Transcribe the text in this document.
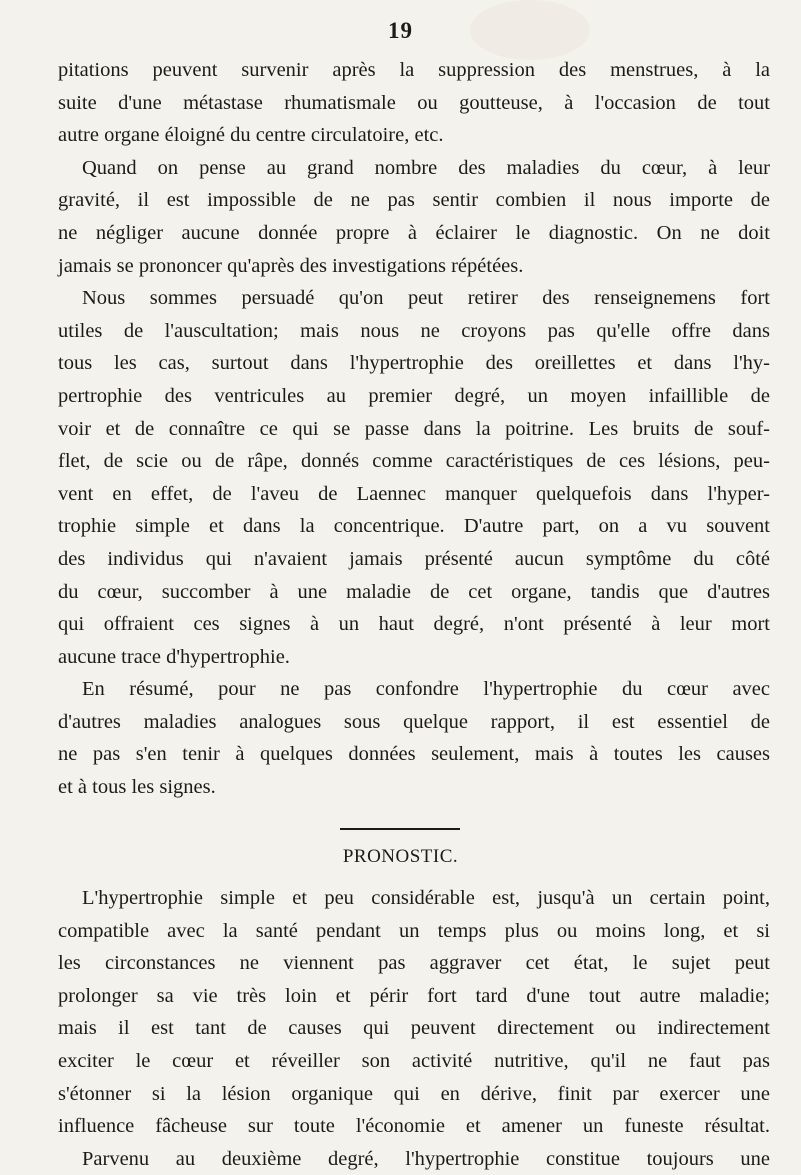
19
pitations peuvent survenir après la suppression des menstrues, à la
suite d'une métastase rhumatismale ou goutteuse, à l'occasion de tout
autre organe éloigné du centre circulatoire, etc.
Quand on pense au grand nombre des maladies du cœur, à leur
gravité, il est impossible de ne pas sentir combien il nous importe de
ne négliger aucune donnée propre à éclairer le diagnostic. On ne doit
jamais se prononcer qu'après des investigations répétées.
Nous sommes persuadé qu'on peut retirer des renseignemens fort
utiles de l'auscultation; mais nous ne croyons pas qu'elle offre dans
tous les cas, surtout dans l'hypertrophie des oreillettes et dans l'hy-
pertrophie des ventricules au premier degré, un moyen infaillible de
voir et de connaître ce qui se passe dans la poitrine. Les bruits de souf-
flet, de scie ou de râpe, donnés comme caractéristiques de ces lésions, peu-
vent en effet, de l'aveu de Laennec manquer quelquefois dans l'hyper-
trophie simple et dans la concentrique. D'autre part, on a vu souvent
des individus qui n'avaient jamais présenté aucun symptôme du côté
du cœur, succomber à une maladie de cet organe, tandis que d'autres
qui offraient ces signes à un haut degré, n'ont présenté à leur mort
aucune trace d'hypertrophie.
En résumé, pour ne pas confondre l'hypertrophie du cœur avec
d'autres maladies analogues sous quelque rapport, il est essentiel de
ne pas s'en tenir à quelques données seulement, mais à toutes les causes
et à tous les signes.
PRONOSTIC.
L'hypertrophie simple et peu considérable est, jusqu'à un certain point,
compatible avec la santé pendant un temps plus ou moins long, et si
les circonstances ne viennent pas aggraver cet état, le sujet peut
prolonger sa vie très loin et périr fort tard d'une tout autre maladie;
mais il est tant de causes qui peuvent directement ou indirectement
exciter le cœur et réveiller son activité nutritive, qu'il ne faut pas
s'étonner si la lésion organique qui en dérive, finit par exercer une
influence fâcheuse sur toute l'économie et amener un funeste résultat.
Parvenu au deuxième degré, l'hypertrophie constitue toujours une
